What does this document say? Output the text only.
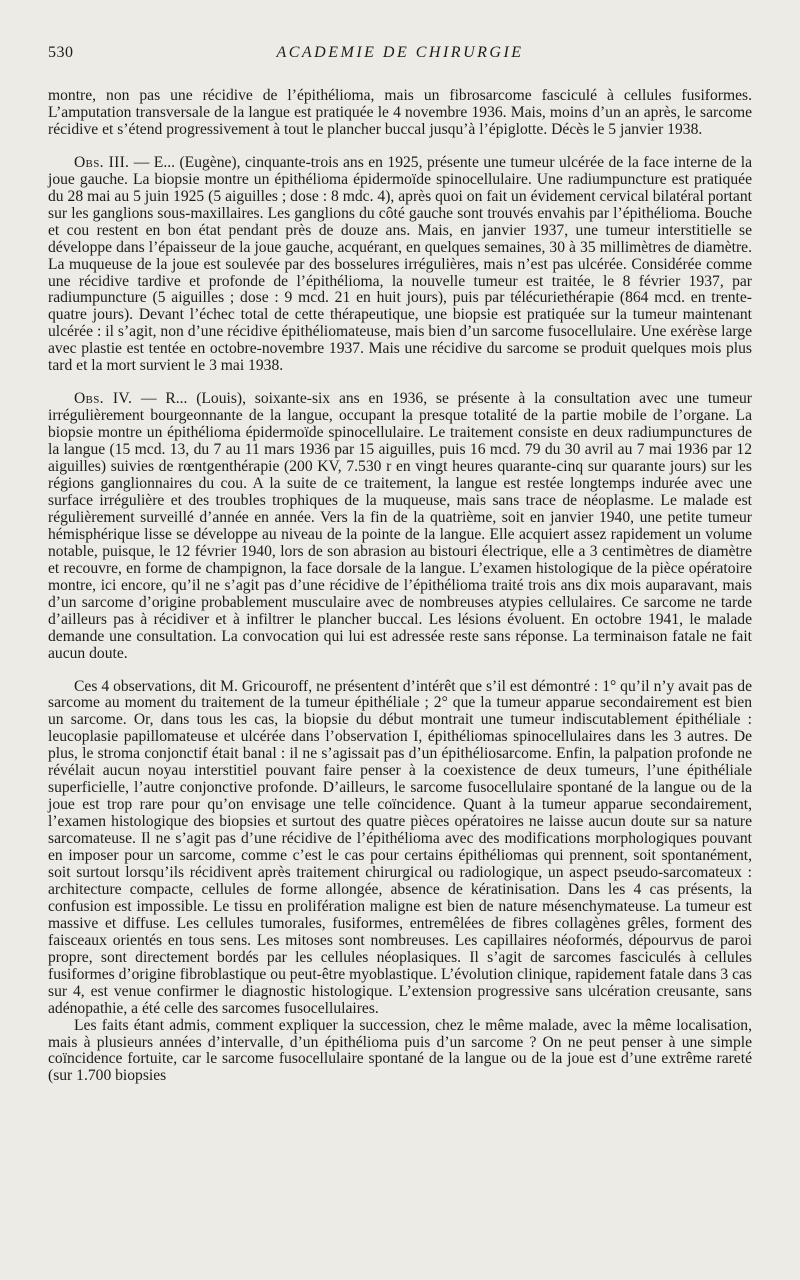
530	ACADEMIE DE CHIRURGIE

montre, non pas une récidive de l’épithélioma, mais un fibrosarcome fasciculé à cellules fusiformes. L’amputation transversale de la langue est pratiquée le 4 novembre 1936. Mais, moins d’un an après, le sarcome récidive et s’étend progressivement à tout le plancher buccal jusqu’à l’épiglotte. Décès le 5 janvier 1938.

Obs. III. — E... (Eugène), cinquante-trois ans en 1925, présente une tumeur ulcérée de la face interne de la joue gauche. La biopsie montre un épithélioma épidermoïde spinocellulaire. Une radiumpuncture est pratiquée du 28 mai au 5 juin 1925 (5 aiguilles ; dose : 8 mdc. 4), après quoi on fait un évidement cervical bilatéral portant sur les ganglions sous-maxillaires. Les ganglions du côté gauche sont trouvés envahis par l’épithélioma. Bouche et cou restent en bon état pendant près de douze ans. Mais, en janvier 1937, une tumeur interstitielle se développe dans l’épaisseur de la joue gauche, acquérant, en quelques semaines, 30 à 35 millimètres de diamètre. La muqueuse de la joue est soulevée par des bosselures irrégulières, mais n’est pas ulcérée. Considérée comme une récidive tardive et profonde de l’épithélioma, la nouvelle tumeur est traitée, le 8 février 1937, par radiumpuncture (5 aiguilles ; dose : 9 mcd. 21 en huit jours), puis par télécuriethérapie (864 mcd. en trente-quatre jours). Devant l’échec total de cette thérapeutique, une biopsie est pratiquée sur la tumeur maintenant ulcérée : il s’agit, non d’une récidive épithéliomateuse, mais bien d’un sarcome fusocellulaire. Une exérèse large avec plastie est tentée en octobre-novembre 1937. Mais une récidive du sarcome se produit quelques mois plus tard et la mort survient le 3 mai 1938.

Obs. IV. — R... (Louis), soixante-six ans en 1936, se présente à la consultation avec une tumeur irrégulièrement bourgeonnante de la langue, occupant la presque totalité de la partie mobile de l’organe. La biopsie montre un épithélioma épidermoïde spinocellulaire. Le traitement consiste en deux radiumpunctures de la langue (15 mcd. 13, du 7 au 11 mars 1936 par 15 aiguilles, puis 16 mcd. 79 du 30 avril au 7 mai 1936 par 12 aiguilles) suivies de rœntgenthérapie (200 KV, 7.530 r en vingt heures quarante-cinq sur quarante jours) sur les régions ganglionnaires du cou. A la suite de ce traitement, la langue est restée longtemps indurée avec une surface irrégulière et des troubles trophiques de la muqueuse, mais sans trace de néoplasme. Le malade est régulièrement surveillé d’année en année. Vers la fin de la quatrième, soit en janvier 1940, une petite tumeur hémisphérique lisse se développe au niveau de la pointe de la langue. Elle acquiert assez rapidement un volume notable, puisque, le 12 février 1940, lors de son abrasion au bistouri électrique, elle a 3 centimètres de diamètre et recouvre, en forme de champignon, la face dorsale de la langue. L’examen histologique de la pièce opératoire montre, ici encore, qu’il ne s’agit pas d’une récidive de l’épithélioma traité trois ans dix mois auparavant, mais d’un sarcome d’origine probablement musculaire avec de nombreuses atypies cellulaires. Ce sarcome ne tarde d’ailleurs pas à récidiver et à infiltrer le plancher buccal. Les lésions évoluent. En octobre 1941, le malade demande une consultation. La convocation qui lui est adressée reste sans réponse. La terminaison fatale ne fait aucun doute.

Ces 4 observations, dit M. Gricouroff, ne présentent d’intérêt que s’il est démontré : 1° qu’il n’y avait pas de sarcome au moment du traitement de la tumeur épithéliale ; 2° que la tumeur apparue secondairement est bien un sarcome. Or, dans tous les cas, la biopsie du début montrait une tumeur indiscutablement épithéliale : leucoplasie papillomateuse et ulcérée dans l’observation I, épithéliomas spinocellulaires dans les 3 autres. De plus, le stroma conjonctif était banal : il ne s’agissait pas d’un épithéliosarcome. Enfin, la palpation profonde ne révélait aucun noyau interstitiel pouvant faire penser à la coexistence de deux tumeurs, l’une épithéliale superficielle, l’autre conjonctive profonde. D’ailleurs, le sarcome fusocellulaire spontané de la langue ou de la joue est trop rare pour qu’on envisage une telle coïncidence. Quant à la tumeur apparue secondairement, l’examen histologique des biopsies et surtout des quatre pièces opératoires ne laisse aucun doute sur sa nature sarcomateuse. Il ne s’agit pas d’une récidive de l’épithélioma avec des modifications morphologiques pouvant en imposer pour un sarcome, comme c’est le cas pour certains épithéliomas qui prennent, soit spontanément, soit surtout lorsqu’ils récidivent après traitement chirurgical ou radiologique, un aspect pseudo-sarcomateux : architecture compacte, cellules de forme allongée, absence de kératinisation. Dans les 4 cas présents, la confusion est impossible. Le tissu en prolifération maligne est bien de nature mésenchymateuse. La tumeur est massive et diffuse. Les cellules tumorales, fusiformes, entremêlées de fibres collagènes grêles, forment des faisceaux orientés en tous sens. Les mitoses sont nombreuses. Les capillaires néoformés, dépourvus de paroi propre, sont directement bordés par les cellules néoplasiques. Il s’agit de sarcomes fasciculés à cellules fusiformes d’origine fibroblastique ou peut-être myoblastique. L’évolution clinique, rapidement fatale dans 3 cas sur 4, est venue confirmer le diagnostic histologique. L’extension progressive sans ulcération creusante, sans adénopathie, a été celle des sarcomes fusocellulaires.

Les faits étant admis, comment expliquer la succession, chez le même malade, avec la même localisation, mais à plusieurs années d’intervalle, d’un épithélioma puis d’un sarcome ? On ne peut penser à une simple coïncidence fortuite, car le sarcome fusocellulaire spontané de la langue ou de la joue est d’une extrême rareté (sur 1.700 biopsies
